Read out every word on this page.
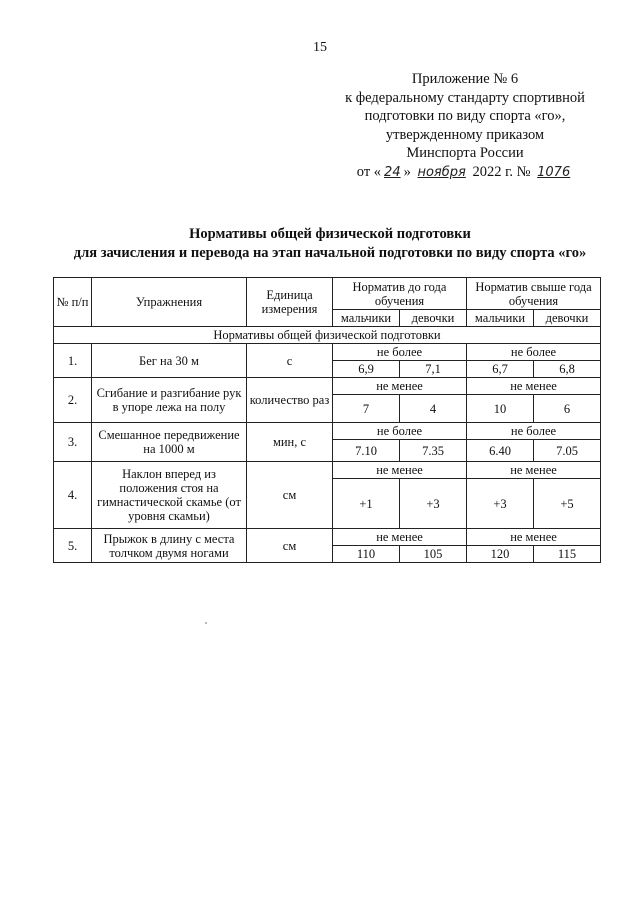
15
Приложение № 6
к федеральному стандарту спортивной
подготовки по виду спорта «го»,
утвержденному приказом
Минспорта России
от « 24 » ноября 2022 г. № 1076
Нормативы общей физической подготовки
для зачисления и перевода на этап начальной подготовки по виду спорта «го»
№ п/п	Упражнения	Единица измерения	Норматив до года обучения		Норматив свыше года обучения	
			мальчики	девочки	мальчики	девочки
Нормативы общей физической подготовки						
1.	Бег на 30 м	с	не более		не более	
			6,9	7,1	6,7	6,8
2.	Сгибание и разгибание рук в упоре лежа на полу	количество раз	не менее		не менее	
			7	4	10	6
3.	Смешанное передвижение на 1000 м	мин, с	не более		не более	
			7.10	7.35	6.40	7.05
4.	Наклон вперед из положения стоя на гимнастической скамье (от уровня скамьи)	см	не менее		не менее	
			+1	+3	+3	+5
5.	Прыжок в длину с места толчком двумя ногами	см	не менее		не менее	
			110	105	120	115
